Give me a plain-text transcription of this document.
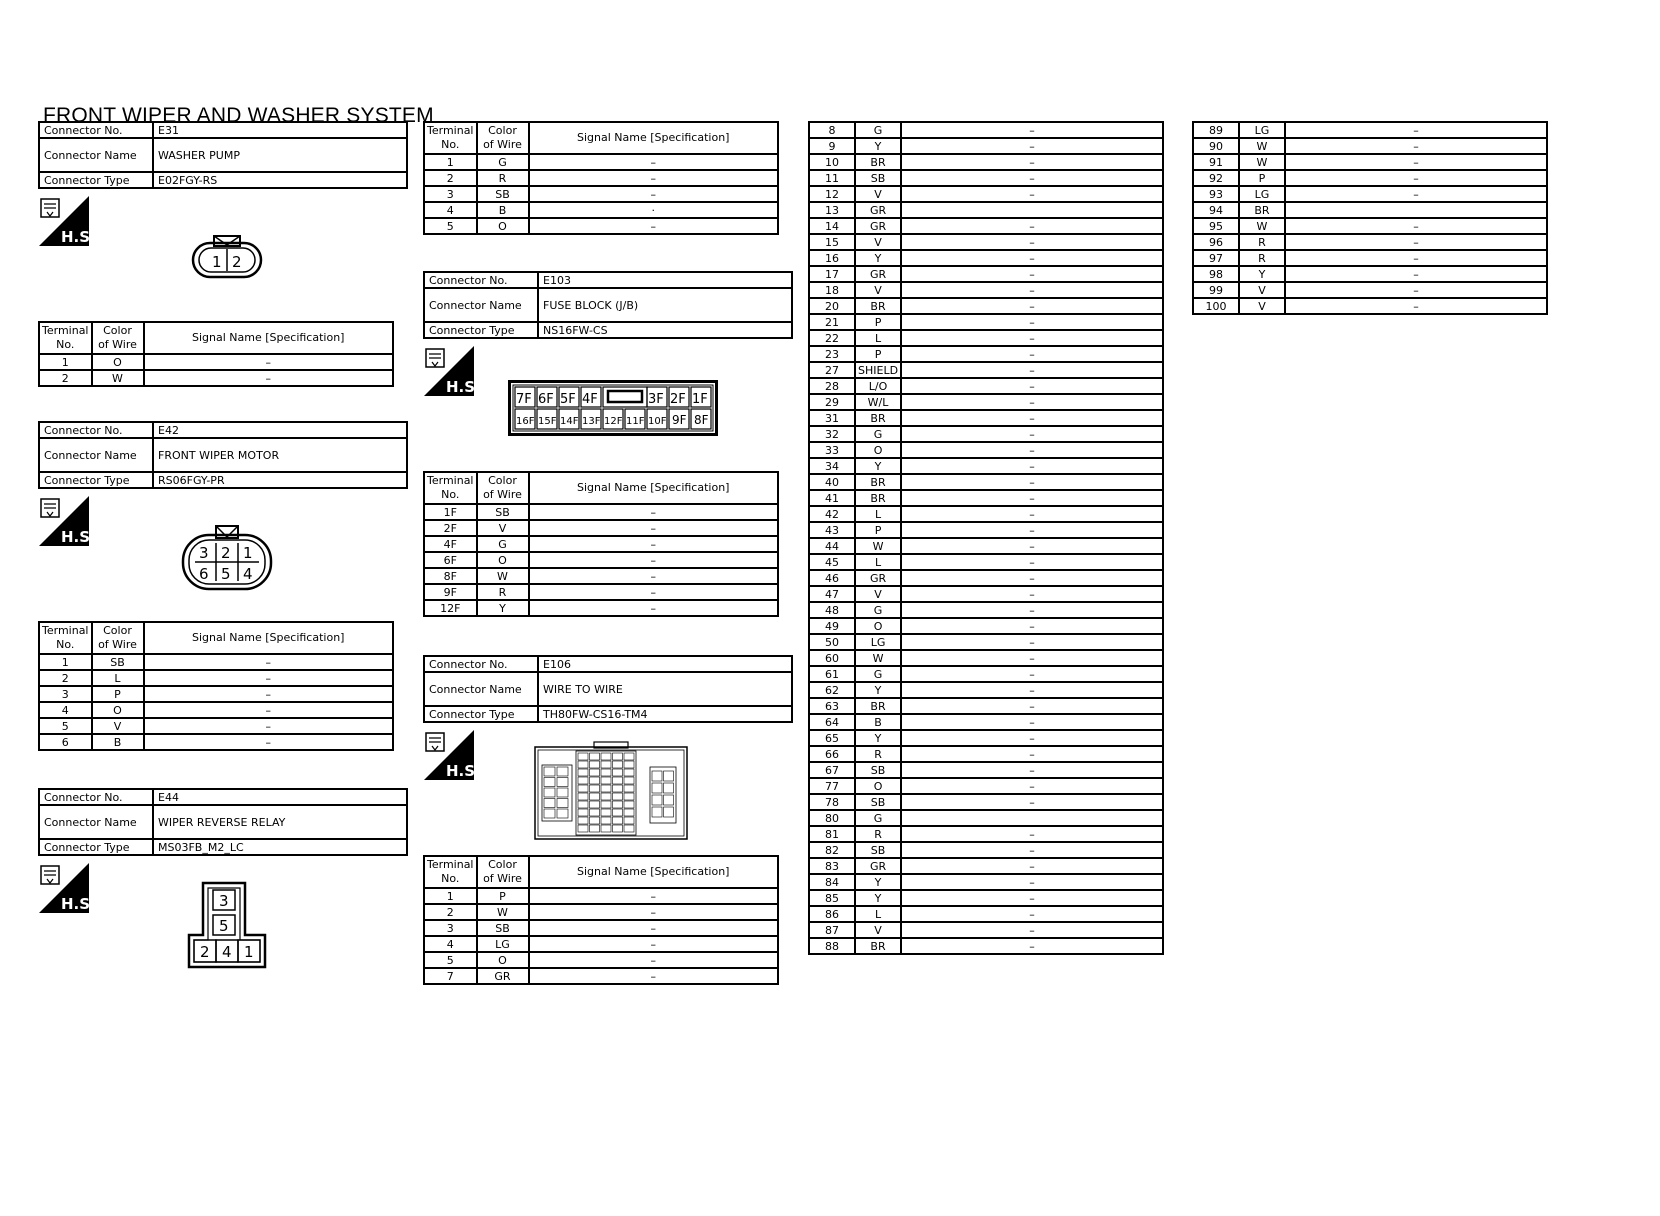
FRONT WIPER AND WASHER SYSTEM
Connector No.	E31
Connector Name	WASHER PUMP
Connector Type	E02FGY-RS
H.S.
1 2
Terminal
No.	Color
of Wire	Signal Name [Specification]
1	O	–
2	W	–
Connector No.	E42
Connector Name	FRONT WIPER MOTOR
Connector Type	RS06FGY-PR
H.S.
3 2 1
6 5 4
Terminal
No.	Color
of Wire	Signal Name [Specification]
1	SB	–
2	L	–
3	P	–
4	O	–
5	V	–
6	B	–
Connector No.	E44
Connector Name	WIPER REVERSE RELAY
Connector Type	MS03FB_M2_LC
H.S.	3
5
2 4 1
Terminal
No.	Color
of Wire	Signal Name [Specification]
1	G	–
2	R	–
3	SB	–
4	B	·
5	O	–
Connector No.	E103
Connector Name	FUSE BLOCK (J/B)
Connector Type	NS16FW-CS
H.S.
7F 6F 5F 4F	3F 2F 1F
16F 15F 14F 13F 12F 11F 10F 9F 8F
Terminal
No.	Color
of Wire	Signal Name [Specification]
1F	SB	–
2F	V	–
4F	G	–
6F	O	–
8F	W	–
9F	R	–
12F	Y	–
Connector No.	E106
Connector Name	WIRE TO WIRE
Connector Type	TH80FW-CS16-TM4
H.S.
Terminal
No.	Color
of Wire	Signal Name [Specification]
1	P	–
2	W	–
3	SB	–
4	LG	–
5	O	–
7	GR	–
8	G	–
9	Y	–
10	BR	–
11	SB	–
12	V	–
13	GR	
14	GR	–
15	V	–
16	Y	–
17	GR	–
18	V	–
20	BR	–
21	P	–
22	L	–
23	P	–
27	SHIELD	–
28	L/O	–
29	W/L	–
31	BR	–
32	G	–
33	O	–
34	Y	–
40	BR	–
41	BR	–
42	L	–
43	P	–
44	W	–
45	L	–
46	GR	–
47	V	–
48	G	–
49	O	–
50	LG	–
60	W	–
61	G	–
62	Y	–
63	BR	–
64	B	–
65	Y	–
66	R	–
67	SB	–
77	O	–
78	SB	–
80	G	
81	R	–
82	SB	–
83	GR	–
84	Y	–
85	Y	–
86	L	–
87	V	–
88	BR	–
89	LG	–
90	W	–
91	W	–
92	P	–
93	LG	–
94	BR	
95	W	–
96	R	–
97	R	–
98	Y	–
99	V	–
100	V	–
